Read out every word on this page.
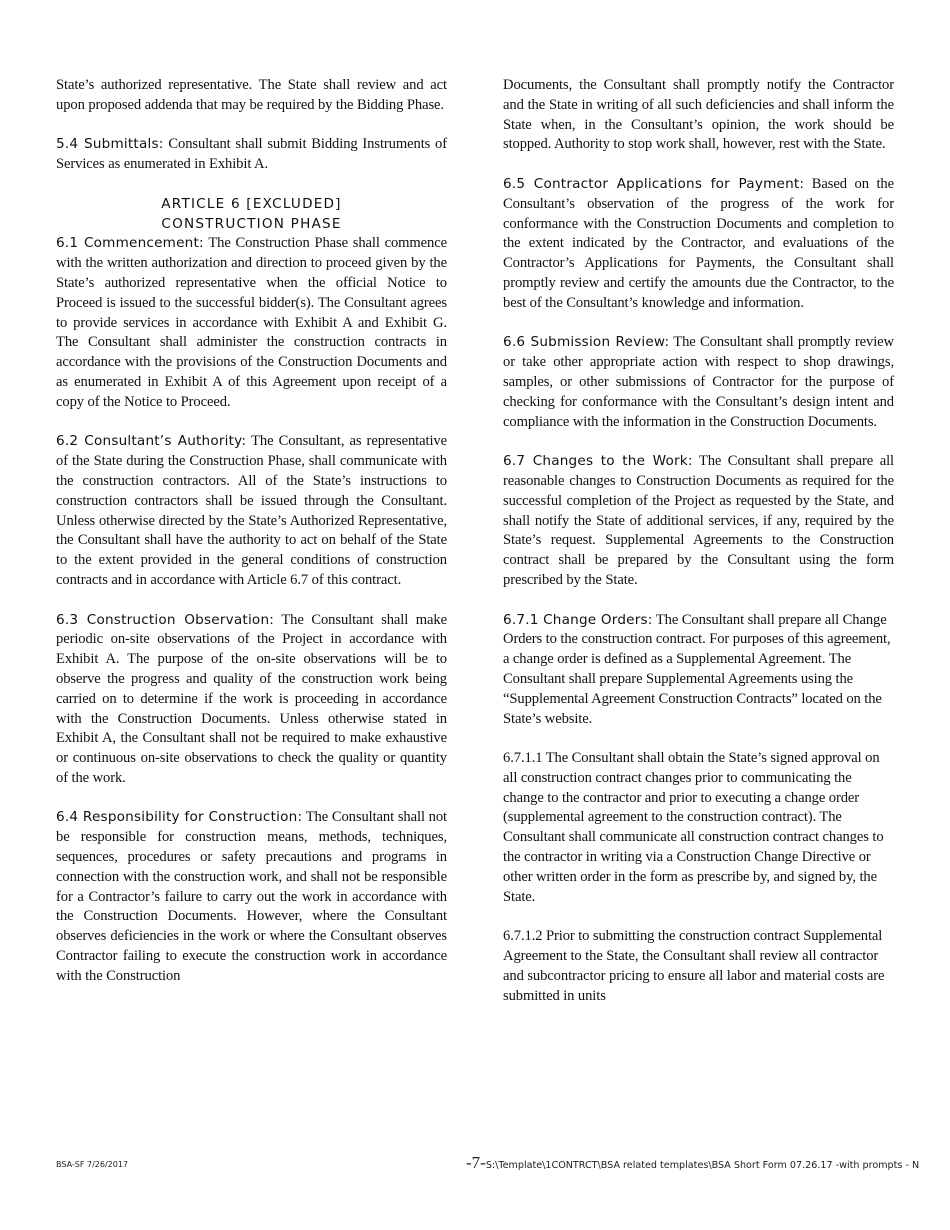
State’s authorized representative. The State shall review and act upon proposed addenda that may be required by the Bidding Phase.

5.4 Submittals: Consultant shall submit Bidding Instruments of Services as enumerated in Exhibit A.

ARTICLE 6 [EXCLUDED]

CONSTRUCTION PHASE

6.1 Commencement: The Construction Phase shall commence with the written authorization and direction to proceed given by the State’s authorized representative when the official Notice to Proceed is issued to the successful bidder(s). The Consultant agrees to provide services in accordance with Exhibit A and Exhibit G. The Consultant shall administer the construction contracts in accordance with the provisions of the Construction Documents and as enumerated in Exhibit A of this Agreement upon receipt of a copy of the Notice to Proceed.

6.2 Consultant’s Authority: The Consultant, as representative of the State during the Construction Phase, shall communicate with the construction contractors. All of the State’s instructions to construction contractors shall be issued through the Consultant. Unless otherwise directed by the State’s Authorized Representative, the Consultant shall have the authority to act on behalf of the State to the extent provided in the general conditions of construction contracts and in accordance with Article 6.7 of this contract.

6.3 Construction Observation: The Consultant shall make periodic on-site observations of the Project in accordance with Exhibit A. The purpose of the on-site observations will be to observe the progress and quality of the construction work being carried on to determine if the work is proceeding in accordance with the Construction Documents. Unless otherwise stated in Exhibit A, the Consultant shall not be required to make exhaustive or continuous on-site observations to check the quality or quantity of the work.

6.4 Responsibility for Construction: The Consultant shall not be responsible for construction means, methods, techniques, sequences, procedures or safety precautions and programs in connection with the construction work, and shall not be responsible for a Contractor’s failure to carry out the work in accordance with the Construction Documents. However, where the Consultant observes deficiencies in the work or where the Consultant observes Contractor failing to execute the construction work in accordance with the Construction

Documents, the Consultant shall promptly notify the Contractor and the State in writing of all such deficiencies and shall inform the State when, in the Consultant’s opinion, the work should be stopped. Authority to stop work shall, however, rest with the State.

6.5 Contractor Applications for Payment: Based on the Consultant’s observation of the progress of the work for conformance with the Construction Documents and completion to the extent indicated by the Contractor, and evaluations of the Contractor’s Applications for Payments, the Consultant shall promptly review and certify the amounts due the Contractor, to the best of the Consultant’s knowledge and information.

6.6 Submission Review: The Consultant shall promptly review or take other appropriate action with respect to shop drawings, samples, or other submissions of Contractor for the purpose of checking for conformance with the Consultant’s design intent and compliance with the information in the Construction Documents.

6.7 Changes to the Work: The Consultant shall prepare all reasonable changes to Construction Documents as required for the successful completion of the Project as requested by the State, and shall notify the State of additional services, if any, required by the State’s request. Supplemental Agreements to the Construction contract shall be prepared by the Consultant using the form prescribed by the State.

6.7.1 Change Orders: The Consultant shall prepare all Change Orders to the construction contract. For purposes of this agreement, a change order is defined as a Supplemental Agreement. The Consultant shall prepare Supplemental Agreements using the “Supplemental Agreement Construction Contracts” located on the State’s website.

6.7.1.1 The Consultant shall obtain the State’s signed approval on all construction contract changes prior to communicating the change to the contractor and prior to executing a change order (supplemental agreement to the construction contract). The Consultant shall communicate all construction contract changes to the contractor in writing via a Construction Change Directive or other written order in the form as prescribe by, and signed by, the State.

6.7.1.2 Prior to submitting the construction contract Supplemental Agreement to the State, the Consultant shall review all contractor and subcontractor pricing to ensure all labor and material costs are submitted in units

BSA-SF 7/26/2017	-7-S:\Template\1CONTRCT\BSA related templates\BSA Short Form 07.26.17 -with prompts - N
